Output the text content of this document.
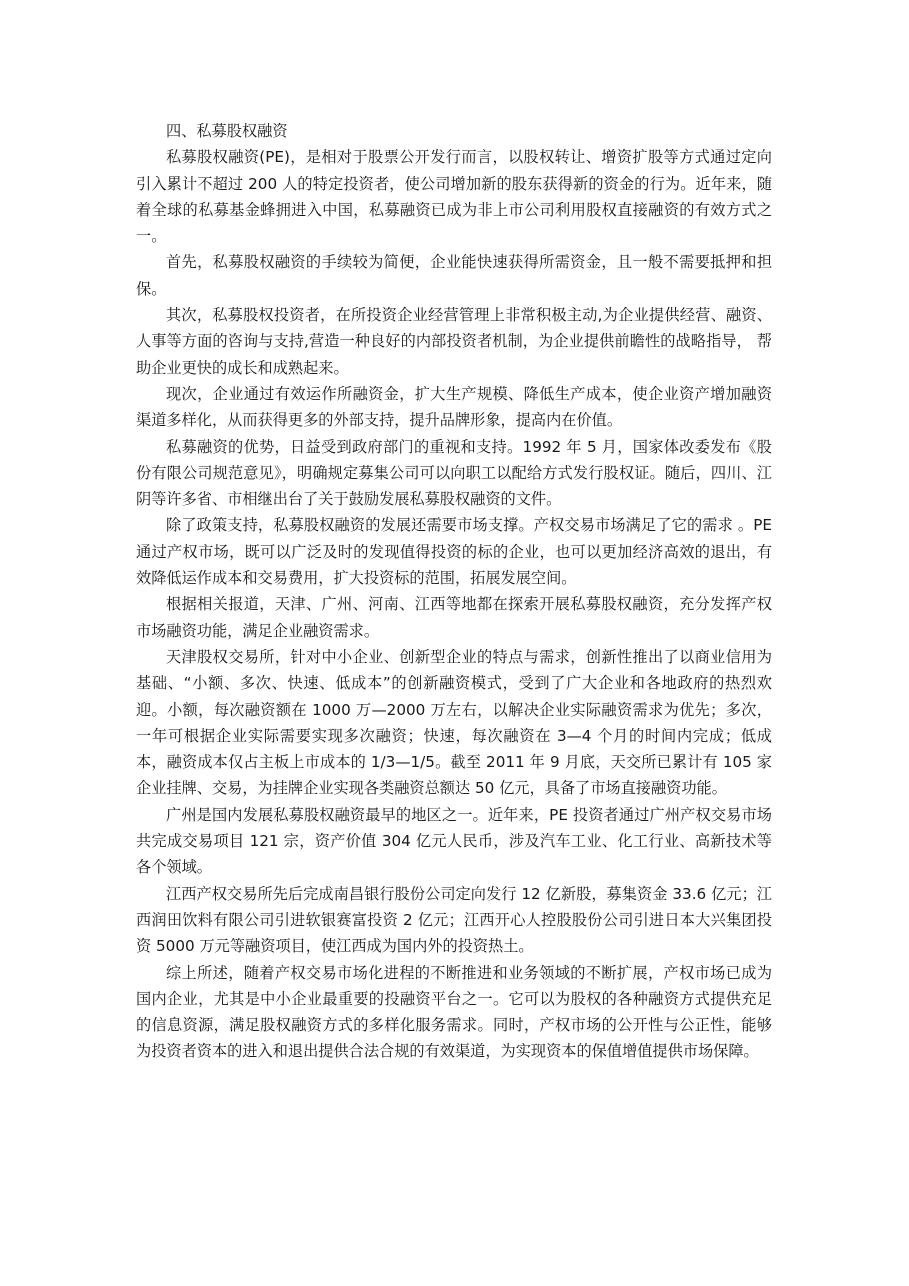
四、私募股权融资

私募股权融资(PE)，是相对于股票公开发行而言，以股权转让、增资扩股等方式通过定向引入累计不超过 200 人的特定投资者，使公司增加新的股东获得新的资金的行为。近年来，随着全球的私募基金蜂拥进入中国，私募融资已成为非上市公司利用股权直接融资的有效方式之一。

首先，私募股权融资的手续较为简便，企业能快速获得所需资金，且一般不需要抵押和担保。

其次，私募股权投资者，在所投资企业经营管理上非常积极主动,为企业提供经营、融资、人事等方面的咨询与支持,营造一种良好的内部投资者机制，为企业提供前瞻性的战略指导， 帮助企业更快的成长和成熟起来。

现次，企业通过有效运作所融资金，扩大生产规模、降低生产成本，使企业资产增加融资渠道多样化，从而获得更多的外部支持，提升品牌形象，提高内在价值。

私募融资的优势，日益受到政府部门的重视和支持。1992 年 5 月，国家体改委发布《股份有限公司规范意见》，明确规定募集公司可以向职工以配给方式发行股权证。随后，四川、江阴等许多省、市相继出台了关于鼓励发展私募股权融资的文件。

除了政策支持，私募股权融资的发展还需要市场支撑。产权交易市场满足了它的需求 。PE 通过产权市场，既可以广泛及时的发现值得投资的标的企业，也可以更加经济高效的退出，有效降低运作成本和交易费用，扩大投资标的范围，拓展发展空间。

根据相关报道，天津、广州、河南、江西等地都在探索开展私募股权融资，充分发挥产权市场融资功能，满足企业融资需求。

天津股权交易所，针对中小企业、创新型企业的特点与需求，创新性推出了以商业信用为基础、“小额、多次、快速、低成本”的创新融资模式，受到了广大企业和各地政府的热烈欢迎。小额，每次融资额在 1000 万—2000 万左右，以解决企业实际融资需求为优先；多次，一年可根据企业实际需要实现多次融资；快速，每次融资在 3—4 个月的时间内完成；低成本，融资成本仅占主板上市成本的 1/3—1/5。截至 2011 年 9 月底，天交所已累计有 105 家企业挂牌、交易，为挂牌企业实现各类融资总额达 50 亿元，具备了市场直接融资功能。

广州是国内发展私募股权融资最早的地区之一。近年来，PE 投资者通过广州产权交易市场共完成交易项目 121 宗，资产价值 304 亿元人民币，涉及汽车工业、化工行业、高新技术等各个领域。

江西产权交易所先后完成南昌银行股份公司定向发行 12 亿新股，募集资金 33.6 亿元；江西润田饮料有限公司引进软银赛富投资 2 亿元；江西开心人控股股份公司引进日本大兴集团投资 5000 万元等融资项目，使江西成为国内外的投资热土。

综上所述，随着产权交易市场化进程的不断推进和业务领域的不断扩展，产权市场已成为国内企业，尤其是中小企业最重要的投融资平台之一。它可以为股权的各种融资方式提供充足的信息资源，满足股权融资方式的多样化服务需求。同时，产权市场的公开性与公正性，能够为投资者资本的进入和退出提供合法合规的有效渠道，为实现资本的保值增值提供市场保障。
